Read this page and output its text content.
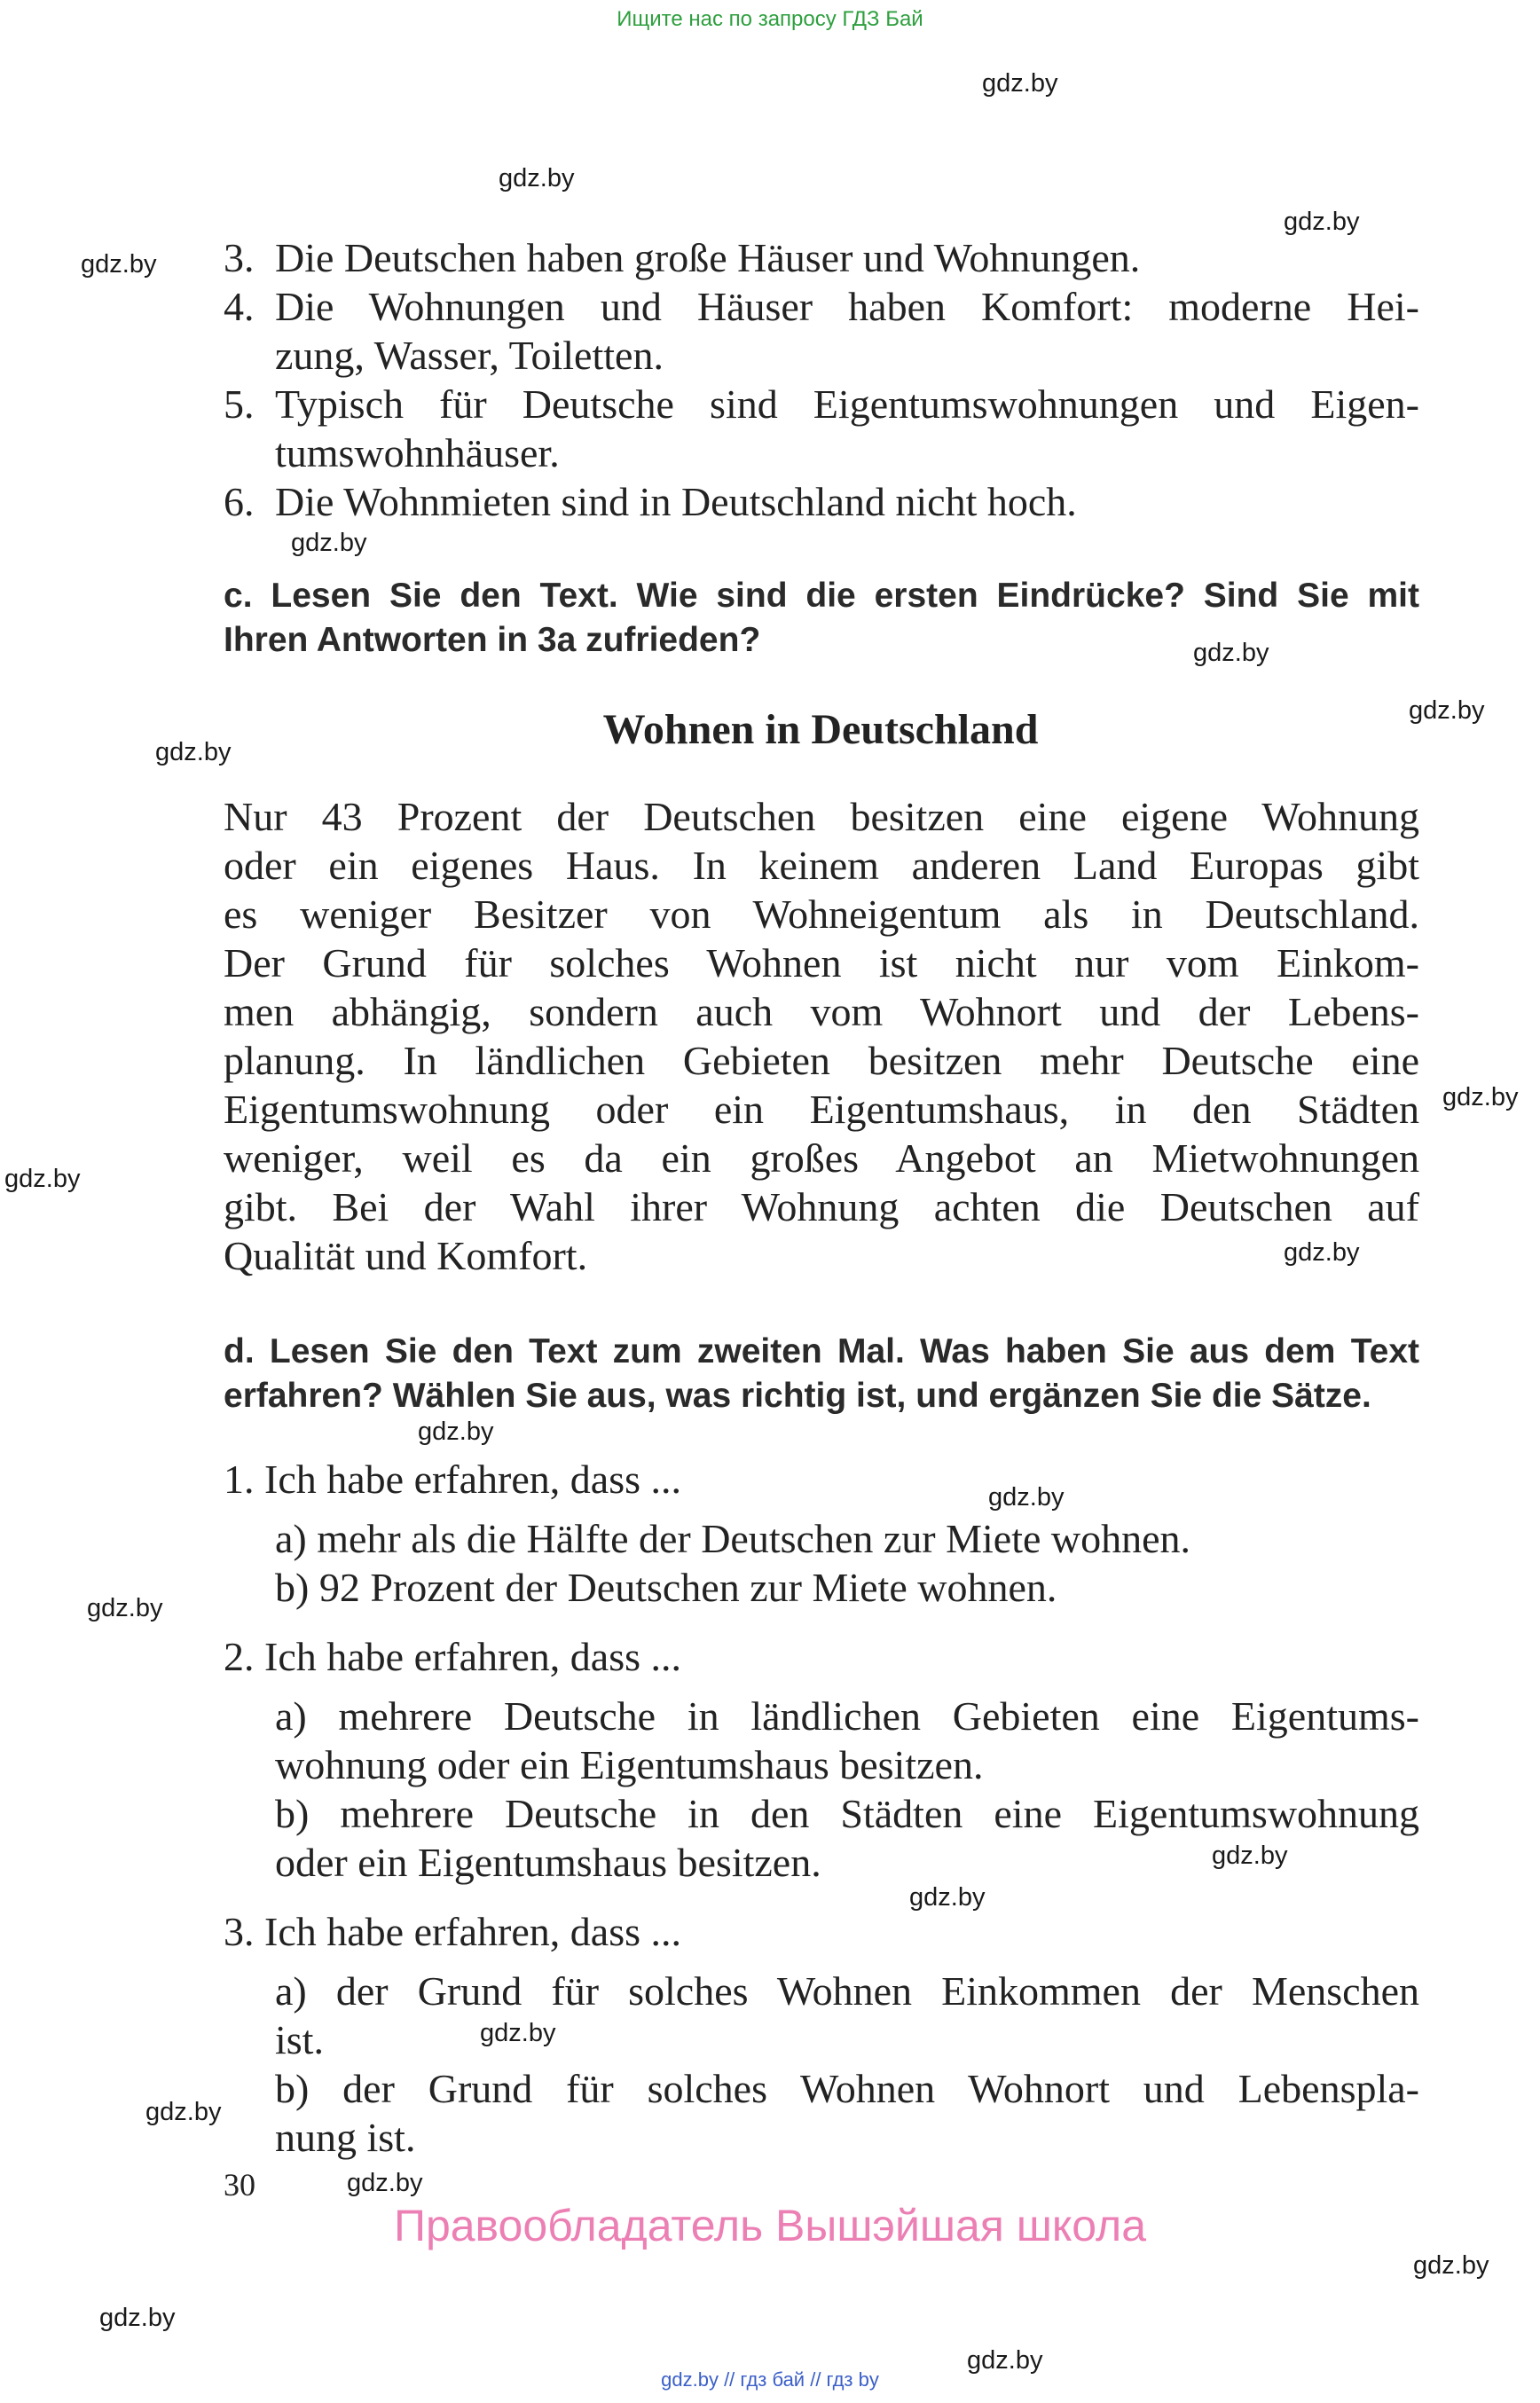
Ищите нас по запросу ГДЗ Бай
gdz.by
gdz.by
gdz.by
gdz.by
gdz.by
gdz.by
gdz.by
gdz.by
gdz.by
gdz.by
gdz.by
gdz.by
gdz.by
gdz.by
gdz.by
gdz.by
gdz.by
gdz.by
gdz.by
gdz.by
gdz.by
gdz.by
3. Die Deutschen haben große Häuser und Wohnungen.
4. Die Wohnungen und Häuser haben Komfort: moderne Hei-
zung, Wasser, Toiletten.
5. Typisch für Deutsche sind Eigentumswohnungen und Eigen-
tumswohnhäuser.
6. Die Wohnmieten sind in Deutschland nicht hoch.
c. Lesen Sie den Text. Wie sind die ersten Eindrücke? Sind Sie mit
Ihren Antworten in 3a zufrieden?
Wohnen in Deutschland
Nur 43 Prozent der Deutschen besitzen eine eigene Wohnung
oder ein eigenes Haus. In keinem anderen Land Europas gibt
es weniger Besitzer von Wohneigentum als in Deutschland.
Der Grund für solches Wohnen ist nicht nur vom Einkom-
men abhängig, sondern auch vom Wohnort und der Lebens-
planung. In ländlichen Gebieten besitzen mehr Deutsche eine
Eigentumswohnung oder ein Eigentumshaus, in den Städten
weniger, weil es da ein großes Angebot an Mietwohnungen
gibt. Bei der Wahl ihrer Wohnung achten die Deutschen auf
Qualität und Komfort.
d. Lesen Sie den Text zum zweiten Mal. Was haben Sie aus dem Text
erfahren? Wählen Sie aus, was richtig ist, und ergänzen Sie die Sätze.
1. Ich habe erfahren, dass ...
a) mehr als die Hälfte der Deutschen zur Miete wohnen.
b) 92 Prozent der Deutschen zur Miete wohnen.
2. Ich habe erfahren, dass ...
a) mehrere Deutsche in ländlichen Gebieten eine Eigentums-
wohnung oder ein Eigentumshaus besitzen.
b) mehrere Deutsche in den Städten eine Eigentumswohnung
oder ein Eigentumshaus besitzen.
3. Ich habe erfahren, dass ...
a) der Grund für solches Wohnen Einkommen der Menschen
ist.
b) der Grund für solches Wohnen Wohnort und Lebenspla-
nung ist.
30
Правообладатель Вышэйшая школа
gdz.by // гдз бай // гдз by
